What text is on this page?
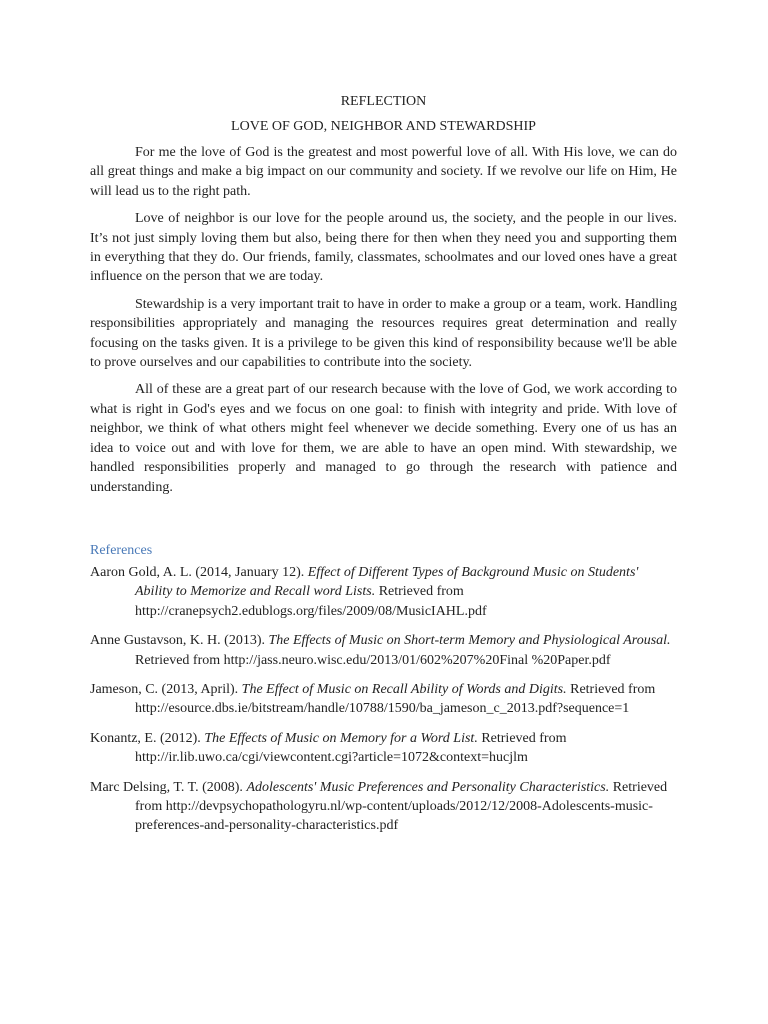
REFLECTION

LOVE OF GOD, NEIGHBOR AND STEWARDSHIP

For me the love of God is the greatest and most powerful love of all. With His love, we can do all great things and make a big impact on our community and society. If we revolve our life on Him, He will lead us to the right path.

Love of neighbor is our love for the people around us, the society, and the people in our lives. It’s not just simply loving them but also, being there for then when they need you and supporting them in everything that they do. Our friends, family, classmates, schoolmates and our loved ones have a great influence on the person that we are today.

Stewardship is a very important trait to have in order to make a group or a team, work. Handling responsibilities appropriately and managing the resources requires great determination and really focusing on the tasks given. It is a privilege to be given this kind of responsibility because we'll be able to prove ourselves and our capabilities to contribute into the society.

All of these are a great part of our research because with the love of God, we work according to what is right in God's eyes and we focus on one goal: to finish with integrity and pride. With love of neighbor, we think of what others might feel whenever we decide something. Every one of us has an idea to voice out and with love for them, we are able to have an open mind. With stewardship, we handled responsibilities properly and managed to go through the research with patience and understanding.

References

Aaron Gold, A. L. (2014, January 12). Effect of Different Types of Background Music on Students' Ability to Memorize and Recall word Lists. Retrieved from http://cranepsych2.edublogs.org/files/2009/08/MusicIAHL.pdf

Anne Gustavson, K. H. (2013). The Effects of Music on Short-term Memory and Physiological Arousal. Retrieved from http://jass.neuro.wisc.edu/2013/01/602%207%20Final %20Paper.pdf

Jameson, C. (2013, April). The Effect of Music on Recall Ability of Words and Digits. Retrieved from http://esource.dbs.ie/bitstream/handle/10788/1590/ba_jameson_c_2013.pdf?sequence=1

Konantz, E. (2012). The Effects of Music on Memory for a Word List. Retrieved from http://ir.lib.uwo.ca/cgi/viewcontent.cgi?article=1072&context=hucjlm

Marc Delsing, T. T. (2008). Adolescents' Music Preferences and Personality Characteristics. Retrieved from http://devpsychopathologyru.nl/wp-content/uploads/2012/12/2008-Adolescents-music-preferences-and-personality-characteristics.pdf
